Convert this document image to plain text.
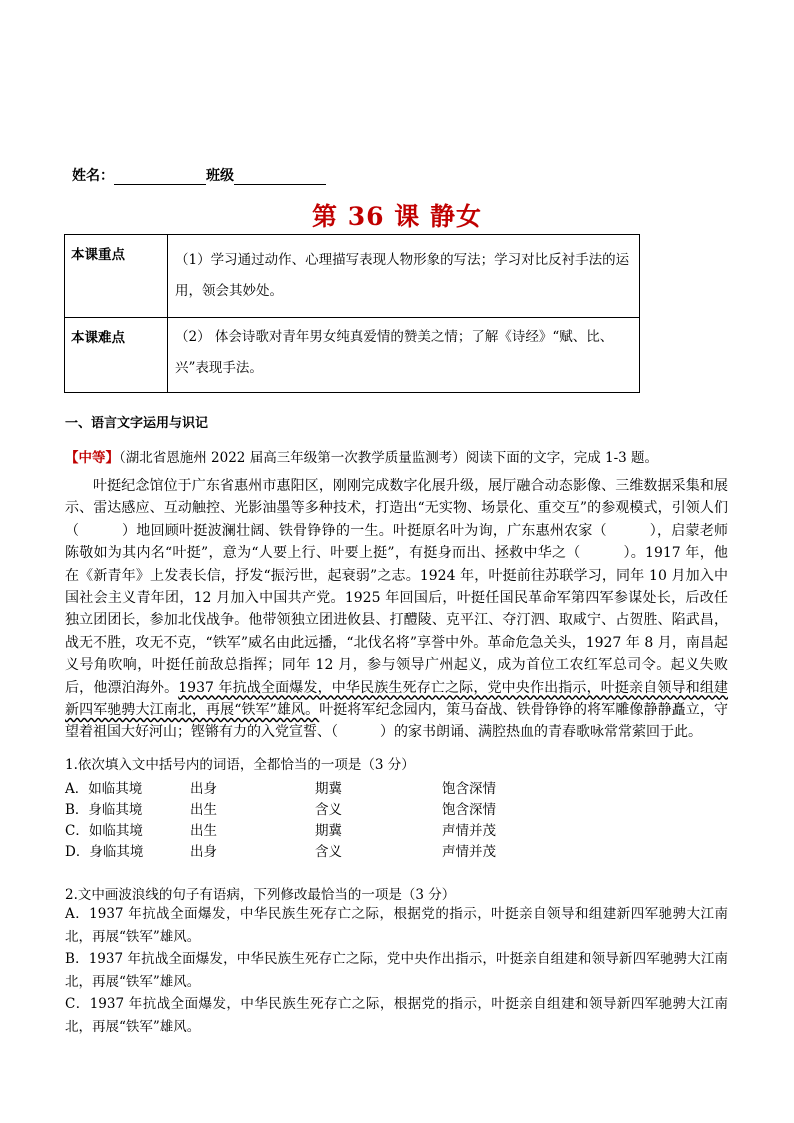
姓名：	班级
第 36 课 静女
本课重点	（1）学习通过动作、心理描写表现人物形象的写法；学习对比反衬手法的运用，领会其妙处。
本课难点	（2） 体会诗歌对青年男女纯真爱情的赞美之情；了解《诗经》“赋、比、兴”表现手法。
一、语言文字运用与识记
【中等】（湖北省恩施州 2022 届高三年级第一次教学质量监测考）阅读下面的文字，完成 1-3 题。

叶挺纪念馆位于广东省惠州市惠阳区，刚刚完成数字化展升级，展厅融合动态影像、三维数据采集和展示、雷达感应、互动触控、光影油墨等多种技术，打造出“无实物、场景化、重交互”的参观模式，引领人们（　　　）地回顾叶挺波澜壮阔、铁骨铮铮的一生。叶挺原名叶为询，广东惠州农家（　　　），启蒙老师陈敬如为其内名“叶挺”，意为“人要上行、叶要上挺”，有挺身而出、拯救中华之（　　　）。1917 年，他在《新青年》上发表长信，抒发“振污世，起衰弱”之志。1924 年，叶挺前往苏联学习，同年 10 月加入中国社会主义青年团，12 月加入中国共产党。1925 年回国后，叶挺任国民革命军第四军参谋处长，后改任独立团团长，参加北伐战争。他带领独立团进攸县、打醴陵、克平江、夺汀泗、取咸宁、占贺胜、陷武昌，战无不胜，攻无不克，“铁军”威名由此远播，“北伐名将”享誉中外。革命危急关头，1927 年 8 月，南昌起义号角吹响，叶挺任前敌总指挥；同年 12 月，参与领导广州起义，成为首位工农红军总司令。起义失败后，他漂泊海外。1937 年抗战全面爆发，中华民族生死存亡之际，党中央作出指示，叶挺亲自领导和组建新四军驰骋大江南北，再展“铁军”雄风。叶挺将军纪念园内，策马奋战、铁骨铮铮的将军雕像静静矗立，守望着祖国大好河山；铿锵有力的入党宣誓、（　　　）的家书朗诵、满腔热血的青春歌咏常常萦回于此。

1.依次填入文中括号内的词语，全都恰当的一项是（3 分）
A．如临其境	出身	期冀	饱含深情
B．身临其境	出生	含义	饱含深情
C．如临其境	出生	期冀	声情并茂
D．身临其境	出身	含义	声情并茂
2.文中画波浪线的句子有语病，下列修改最恰当的一项是（3 分）

A．1937 年抗战全面爆发，中华民族生死存亡之际，根据党的指示，叶挺亲自领导和组建新四军驰骋大江南北，再展“铁军”雄风。

B．1937 年抗战全面爆发，中华民族生死存亡之际，党中央作出指示，叶挺亲自组建和领导新四军驰骋大江南北，再展“铁军”雄风。

C．1937 年抗战全面爆发，中华民族生死存亡之际，根据党的指示，叶挺亲自组建和领导新四军驰骋大江南北，再展“铁军”雄风。
